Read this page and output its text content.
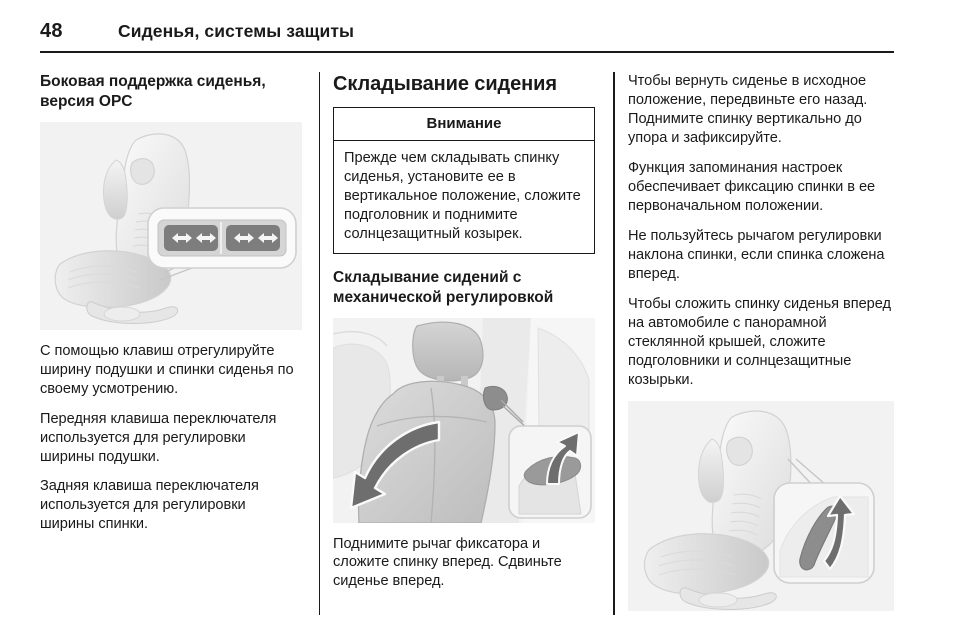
48	Сиденья, системы защиты
Боковая поддержка сиденья, версия OPC

С помощью клавиш отрегулируйте ширину подушки и спинки сиденья по своему усмотрению.

Передняя клавиша переключателя используется для регулировки ширины подушки.

Задняя клавиша переключателя используется для регулировки ширины спинки.

Складывание сидения
Внимание
Прежде чем складывать спинку сиденья, установите ее в вертикальное положение, сложите подголовник и поднимите солнцезащитный козырек.
Складывание сидений с механической регулировкой

Поднимите рычаг фиксатора и сложите спинку вперед. Сдвиньте сиденье вперед.

Чтобы вернуть сиденье в исходное положение, передвиньте его назад. Поднимите спинку вертикально до упора и зафиксируйте.

Функция запоминания настроек обеспечивает фиксацию спинки в ее первоначальном положении.

Не пользуйтесь рычагом регулировки наклона спинки, если спинка сложена вперед.

Чтобы сложить спинку сиденья вперед на автомобиле с панорамной стеклянной крышей, сложите подголовники и солнцезащитные козырьки.
